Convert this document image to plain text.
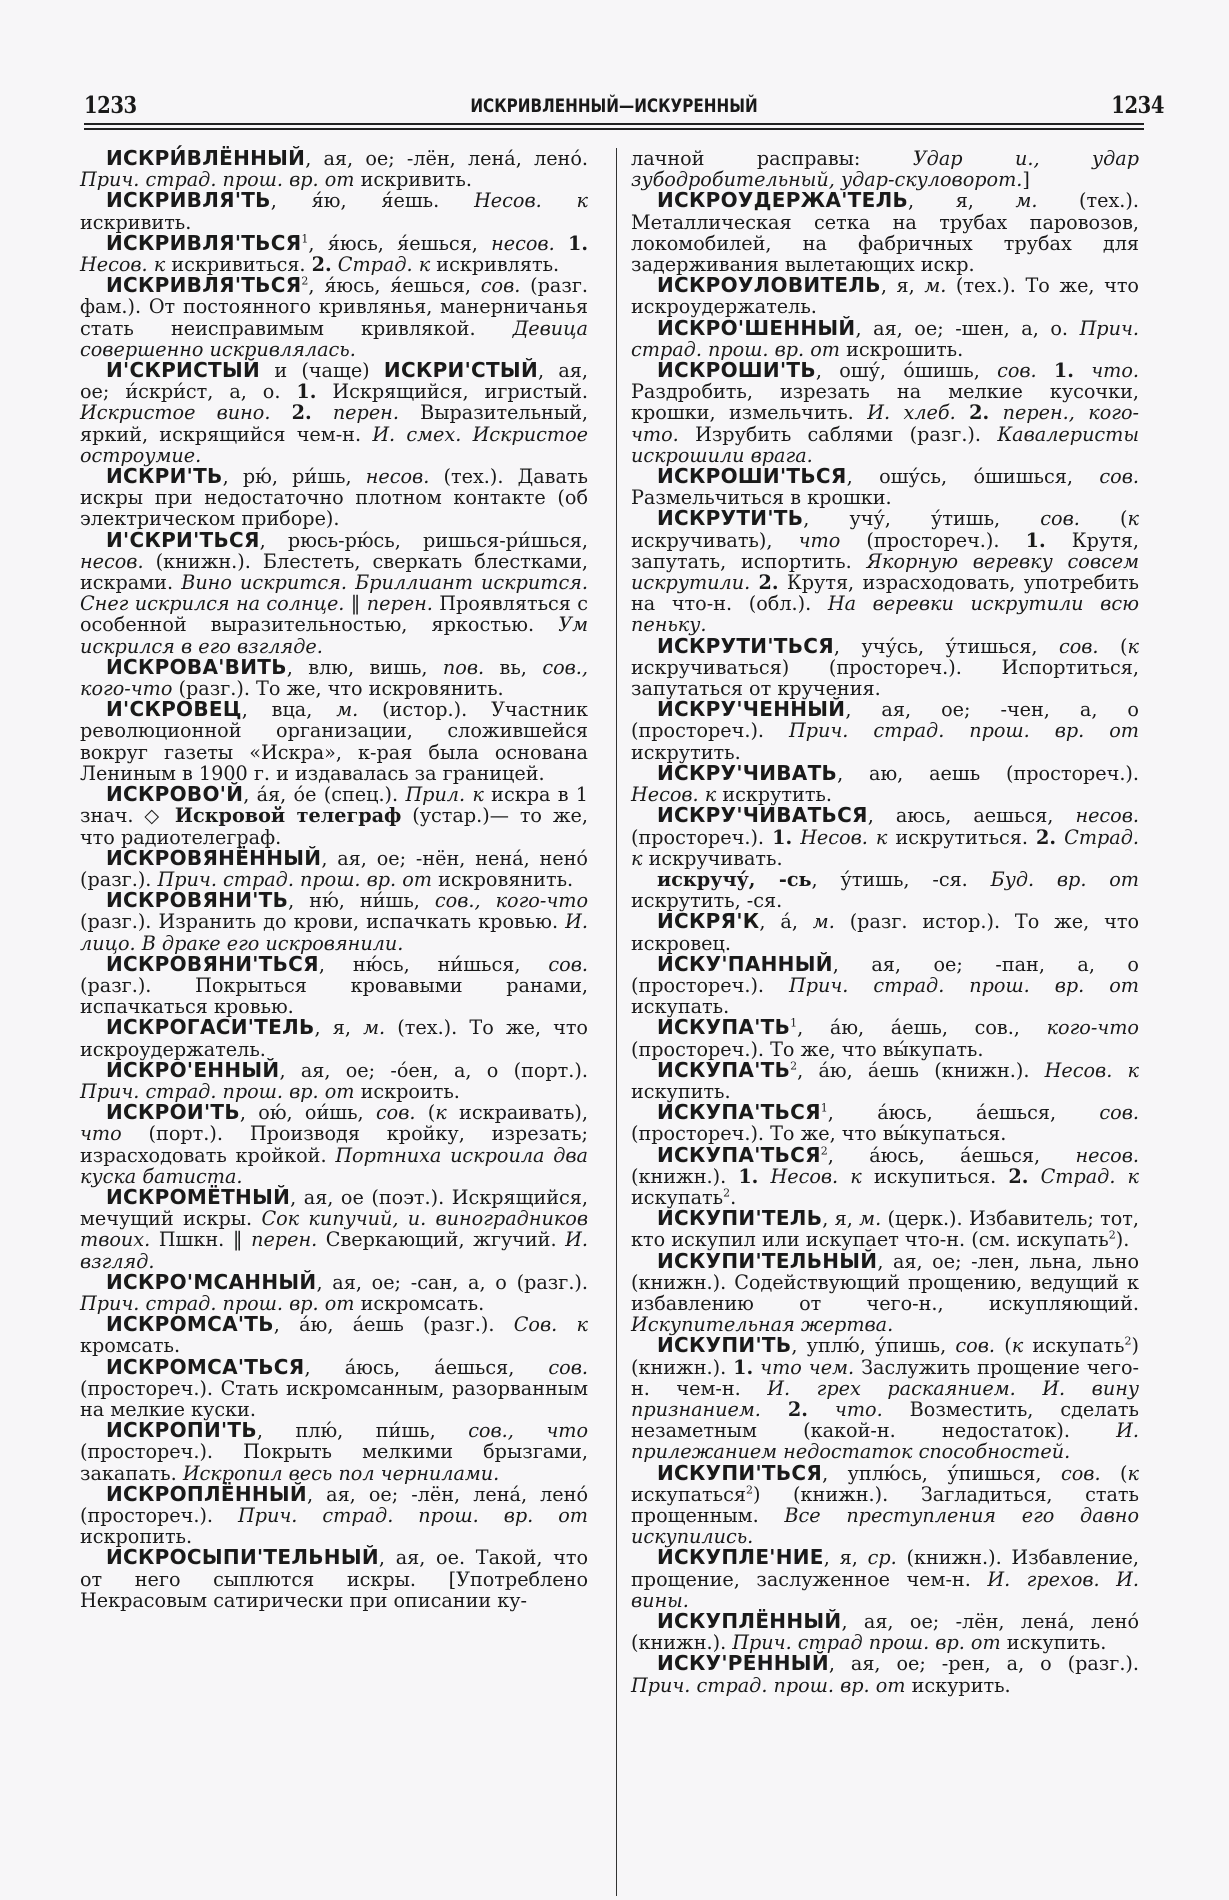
1233	ИСКРИВЛЕННЫЙ—ИСКУРЕННЫЙ	1234

ИСКРИ́ВЛЁННЫЙ, ая, ое; -лён, лена́, лено́. Прич. страд. прош. вр. от искривить.

ИСКРИВЛЯ'ТЬ, я́ю, я́ешь. Несов. к искривить.

ИСКРИВЛЯ'ТЬСЯ$^1$, я́юсь, я́ешься, несов. 1. Несов. к искривиться. 2. Страд. к искривлять.

ИСКРИВЛЯ'ТЬСЯ$^2$, я́юсь, я́ешься, сов. (разг. фам.). От постоянного кривлянья, манерничанья стать неисправимым кривлякой. Девица совершенно искривлялась.

И'СКРИСТЫЙ и (чаще) ИСКРИ'СТЫЙ, ая, ое; и́скри́ст, а, о. 1. Искрящийся, игристый. Искристое вино. 2. перен. Выразительный, яркий, искрящийся чем-н. И. смех. Искристое остроумие.

ИСКРИ'ТЬ, рю́, ри́шь, несов. (тех.). Давать искры при недостаточно плотном контакте (об электрическом приборе).

И'СКРИ'ТЬСЯ, рюсь-рю́сь, ришься-ри́шься, несов. (книжн.). Блестеть, сверкать блестками, искрами. Вино искрится. Бриллиант искрится. Снег искрился на солнце. ‖ перен. Проявляться с особенной выразительностью, яркостью. Ум искрился в его взгляде.

ИСКРОВА'ВИТЬ, влю, вишь, пов. вь, сов., кого-что (разг.). То же, что искровянить.

И'СКРОВЕЦ, вца, м. (истор.). Участник революционной организации, сложившейся вокруг газеты «Искра», к-рая была основана Лениным в 1900 г. и издавалась за границей.

ИСКРОВО'Й, а́я, о́е (спец.). Прил. к искра в 1 знач. ◇ Искровой телеграф (устар.)— то же, что радиотелеграф.

ИСКРОВЯНЁННЫЙ, ая, ое; -нён, нена́, нено́ (разг.). Прич. страд. прош. вр. от искровянить.

ИСКРОВЯНИ'ТЬ, ню́, ни́шь, сов., кого-что (разг.). Изранить до крови, испачкать кровью. И. лицо. В драке его искровянили.

ИСКРОВЯНИ'ТЬСЯ, ню́сь, ни́шься, сов. (разг.). Покрыться кровавыми ранами, испачкаться кровью.

ИСКРОГАСИ'ТЕЛЬ, я, м. (тех.). То же, что искроудержатель.

ИСКРО'ЕННЫЙ, ая, ое; -о́ен, а, о (порт.). Прич. страд. прош. вр. от искроить.

ИСКРОИ'ТЬ, ою́, ои́шь, сов. (к искраивать), что (порт.). Производя кройку, изрезать; израсходовать кройкой. Портниха искроила два куска батиста.

ИСКРОМЁТНЫЙ, ая, ое (поэт.). Искрящийся, мечущий искры. Сок кипучий, и. виноградников твоих. Пшкн. ‖ перен. Сверкающий, жгучий. И. взгляд.

ИСКРО'МСАННЫЙ, ая, ое; -сан, а, о (разг.). Прич. страд. прош. вр. от искромсать.

ИСКРОМСА'ТЬ, а́ю, а́ешь (разг.). Сов. к кромсать.

ИСКРОМСА'ТЬСЯ, а́юсь, а́ешься, сов. (простореч.). Стать искромсанным, разорванным на мелкие куски.

ИСКРОПИ'ТЬ, плю́, пи́шь, сов., что (простореч.). Покрыть мелкими брызгами, закапать. Искропил весь пол чернилами.

ИСКРОПЛЁННЫЙ, ая, ое; -лён, лена́, лено́ (простореч.). Прич. страд. прош. вр. от искропить.

ИСКРОСЫПИ'ТЕЛЬНЫЙ, ая, ое. Такой, что от него сыплются искры. [Употреблено Некрасовым сатирически при описании ку-

лачной расправы: Удар и., удар зубодробительный, удар-скуловорот.]

ИСКРОУДЕРЖА'ТЕЛЬ, я, м. (тех.). Металлическая сетка на трубах паровозов, локомобилей, на фабричных трубах для задерживания вылетающих искр.

ИСКРОУЛОВИТЕЛЬ, я, м. (тех.). То же, что искроудержатель.

ИСКРО'ШЕННЫЙ, ая, ое; -шен, а, о. Прич. страд. прош. вр. от искрошить.

ИСКРОШИ'ТЬ, ошу́, о́шишь, сов. 1. что. Раздробить, изрезать на мелкие кусочки, крошки, измельчить. И. хлеб. 2. перен., кого-что. Изрубить саблями (разг.). Кавалеристы искрошили врага.

ИСКРОШИ'ТЬСЯ, ошу́сь, о́шишься, сов. Размельчиться в крошки.

ИСКРУТИ'ТЬ, учу́, у́тишь, сов. (к искручивать), что (простореч.). 1. Крутя, запутать, испортить. Якорную веревку совсем искрутили. 2. Крутя, израсходовать, употребить на что-н. (обл.). На веревки искрутили всю пеньку.

ИСКРУТИ'ТЬСЯ, учу́сь, у́тишься, сов. (к искручиваться) (простореч.). Испортиться, запутаться от кручения.

ИСКРУ'ЧЕННЫЙ, ая, ое; -чен, а, о (простореч.). Прич. страд. прош. вр. от искрутить.

ИСКРУ'ЧИВАТЬ, аю, аешь (простореч.). Несов. к искрутить.

ИСКРУ'ЧИВАТЬСЯ, аюсь, аешься, несов. (простореч.). 1. Несов. к искрутиться. 2. Страд. к искручивать.

искручу́, -сь, у́тишь, -ся. Буд. вр. от искрутить, -ся.

ИСКРЯ'К, а́, м. (разг. истор.). То же, что искровец.

ИСКУ'ПАННЫЙ, ая, ое; -пан, а, о (простореч.). Прич. страд. прош. вр. от искупать.

$ИСКУПА'ТЬ^1$, а́ю, а́ешь, сов., кого-что (простореч.). То же, что вы́купать.

$ИСКУПА'ТЬ^2$, а́ю, а́ешь (книжн.). Несов. к искупить.

ИСКУПА'ТЬСЯ$^1$, а́юсь, а́ешься, сов. (простореч.). То же, что вы́купаться.

ИСКУПА'ТЬСЯ$^2$, а́юсь, а́ешься, несов. (книжн.). 1. Несов. к искупиться. 2. Страд. к искупать$^2$.

ИСКУПИ'ТЕЛЬ, я, м. (церк.). Избавитель; тот, кто искупил или искупает что-н. (см. искупать$^2$).

ИСКУПИ'ТЕЛЬНЫЙ, ая, ое; -лен, льна, льно (книжн.). Содействующий прощению, ведущий к избавлению от чего-н., искупляющий. Искупительная жертва.

ИСКУПИ'ТЬ, уплю́, у́пишь, сов. (к искупать$^2$) (книжн.). 1. что чем. Заслужить прощение чего-н. чем-н. И. грех раскаянием. И. вину признанием. 2. что. Возместить, сделать незаметным (какой-н. недостаток). И. прилежанием недостаток способностей.

ИСКУПИ'ТЬСЯ, уплю́сь, у́пишься, сов. (к искупаться$^2$) (книжн.). Загладиться, стать прощенным. Все преступления его давно искупились.

ИСКУПЛЕ'НИЕ, я, ср. (книжн.). Избавление, прощение, заслуженное чем-н. И. грехов. И. вины.

ИСКУПЛЁННЫЙ, ая, ое; -лён, лена́, лено́ (книжн.). Прич. страд прош. вр. от искупить.

ИСКУ'РЕННЫЙ, ая, ое; -рен, а, о (разг.). Прич. страд. прош. вр. от искурить.
